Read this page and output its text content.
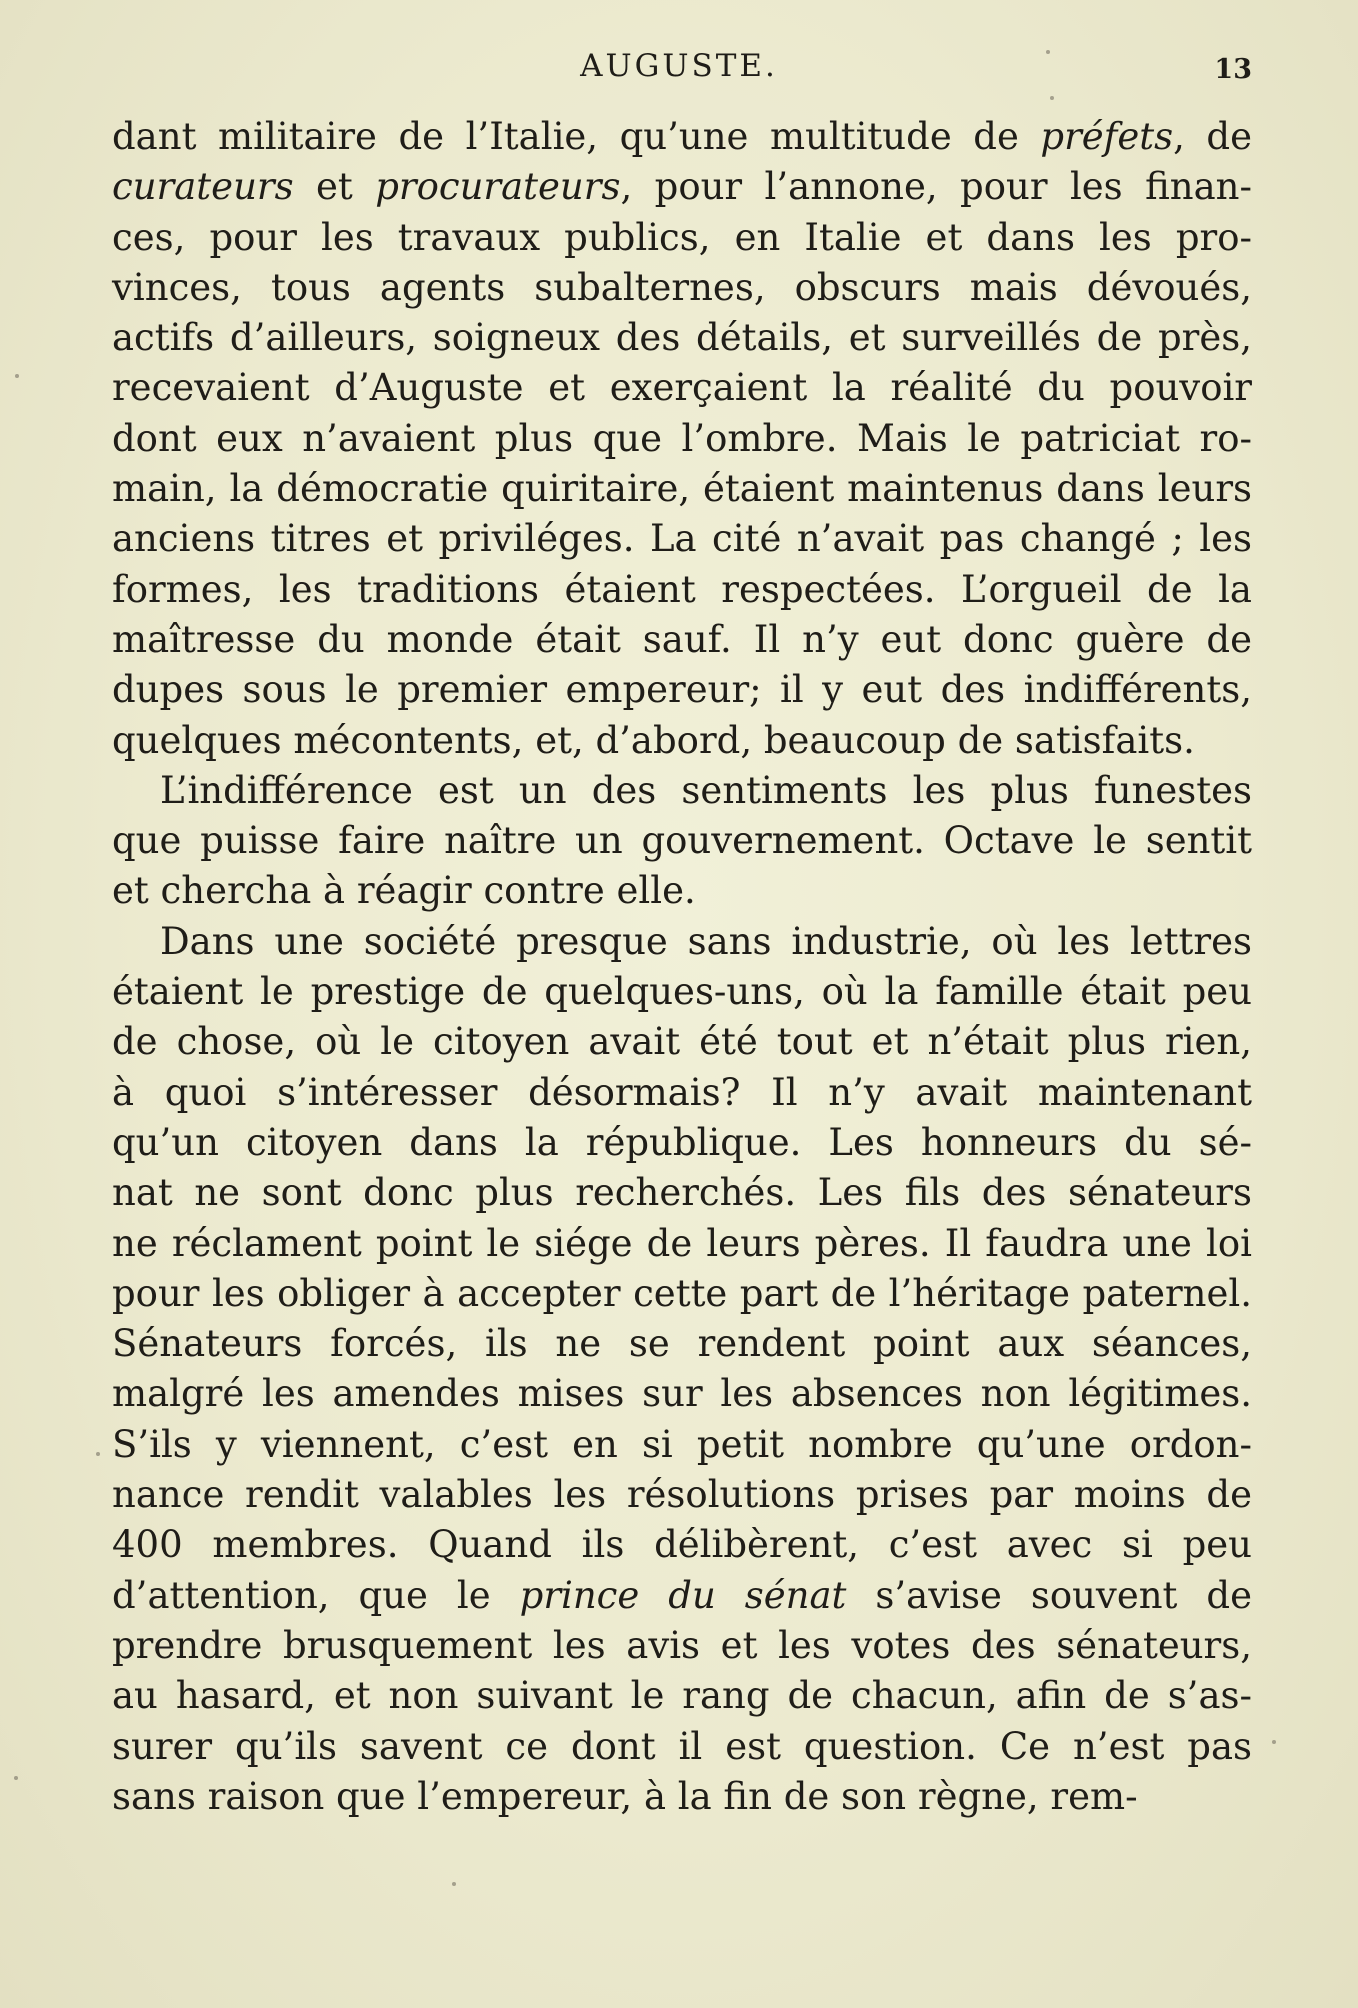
AUGUSTE.	13
dant militaire de l’Italie, qu’une multitude de préfets, de
curateurs et procurateurs, pour l’annone, pour les finan-
ces, pour les travaux publics, en Italie et dans les pro-
vinces, tous agents subalternes, obscurs mais dévoués,
actifs d’ailleurs, soigneux des détails, et surveillés de près,
recevaient d’Auguste et exerçaient la réalité du pouvoir
dont eux n’avaient plus que l’ombre. Mais le patriciat ro-
main, la démocratie quiritaire, étaient maintenus dans leurs
anciens titres et priviléges. La cité n’avait pas changé ; les
formes, les traditions étaient respectées. L’orgueil de la
maîtresse du monde était sauf. Il n’y eut donc guère de
dupes sous le premier empereur; il y eut des indifférents,
quelques mécontents, et, d’abord, beaucoup de satisfaits.
L’indifférence est un des sentiments les plus funestes
que puisse faire naître un gouvernement. Octave le sentit
et chercha à réagir contre elle.
Dans une société presque sans industrie, où les lettres
étaient le prestige de quelques-uns, où la famille était peu
de chose, où le citoyen avait été tout et n’était plus rien,
à quoi s’intéresser désormais? Il n’y avait maintenant
qu’un citoyen dans la république. Les honneurs du sé-
nat ne sont donc plus recherchés. Les fils des sénateurs
ne réclament point le siége de leurs pères. Il faudra une loi
pour les obliger à accepter cette part de l’héritage paternel.
Sénateurs forcés, ils ne se rendent point aux séances,
malgré les amendes mises sur les absences non légitimes.
S’ils y viennent, c’est en si petit nombre qu’une ordon-
nance rendit valables les résolutions prises par moins de
400 membres. Quand ils délibèrent, c’est avec si peu
d’attention, que le prince du sénat s’avise souvent de
prendre brusquement les avis et les votes des sénateurs,
au hasard, et non suivant le rang de chacun, afin de s’as-
surer qu’ils savent ce dont il est question. Ce n’est pas
sans raison que l’empereur, à la fin de son règne, rem-
